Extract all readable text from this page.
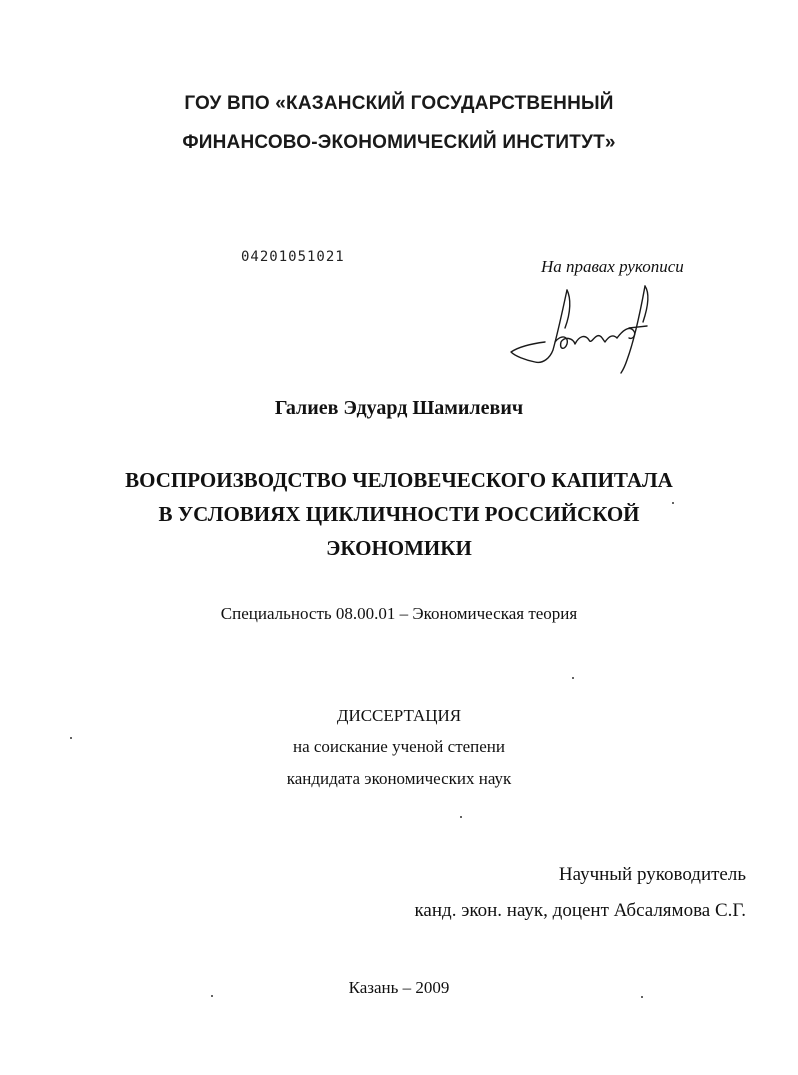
ГОУ ВПО «КАЗАНСКИЙ ГОСУДАРСТВЕННЫЙ
ФИНАНСОВО-ЭКОНОМИЧЕСКИЙ ИНСТИТУТ»
04201051021	На правах рукописи
Галиев Эдуард Шамилевич
ВОСПРОИЗВОДСТВО ЧЕЛОВЕЧЕСКОГО КАПИТАЛА
В УСЛОВИЯХ ЦИКЛИЧНОСТИ РОССИЙСКОЙ
ЭКОНОМИКИ
Специальность 08.00.01 – Экономическая теория
ДИССЕРТАЦИЯ
на соискание ученой степени
кандидата экономических наук
Научный руководитель
канд. экон. наук, доцент Абсалямова С.Г.
Казань – 2009
